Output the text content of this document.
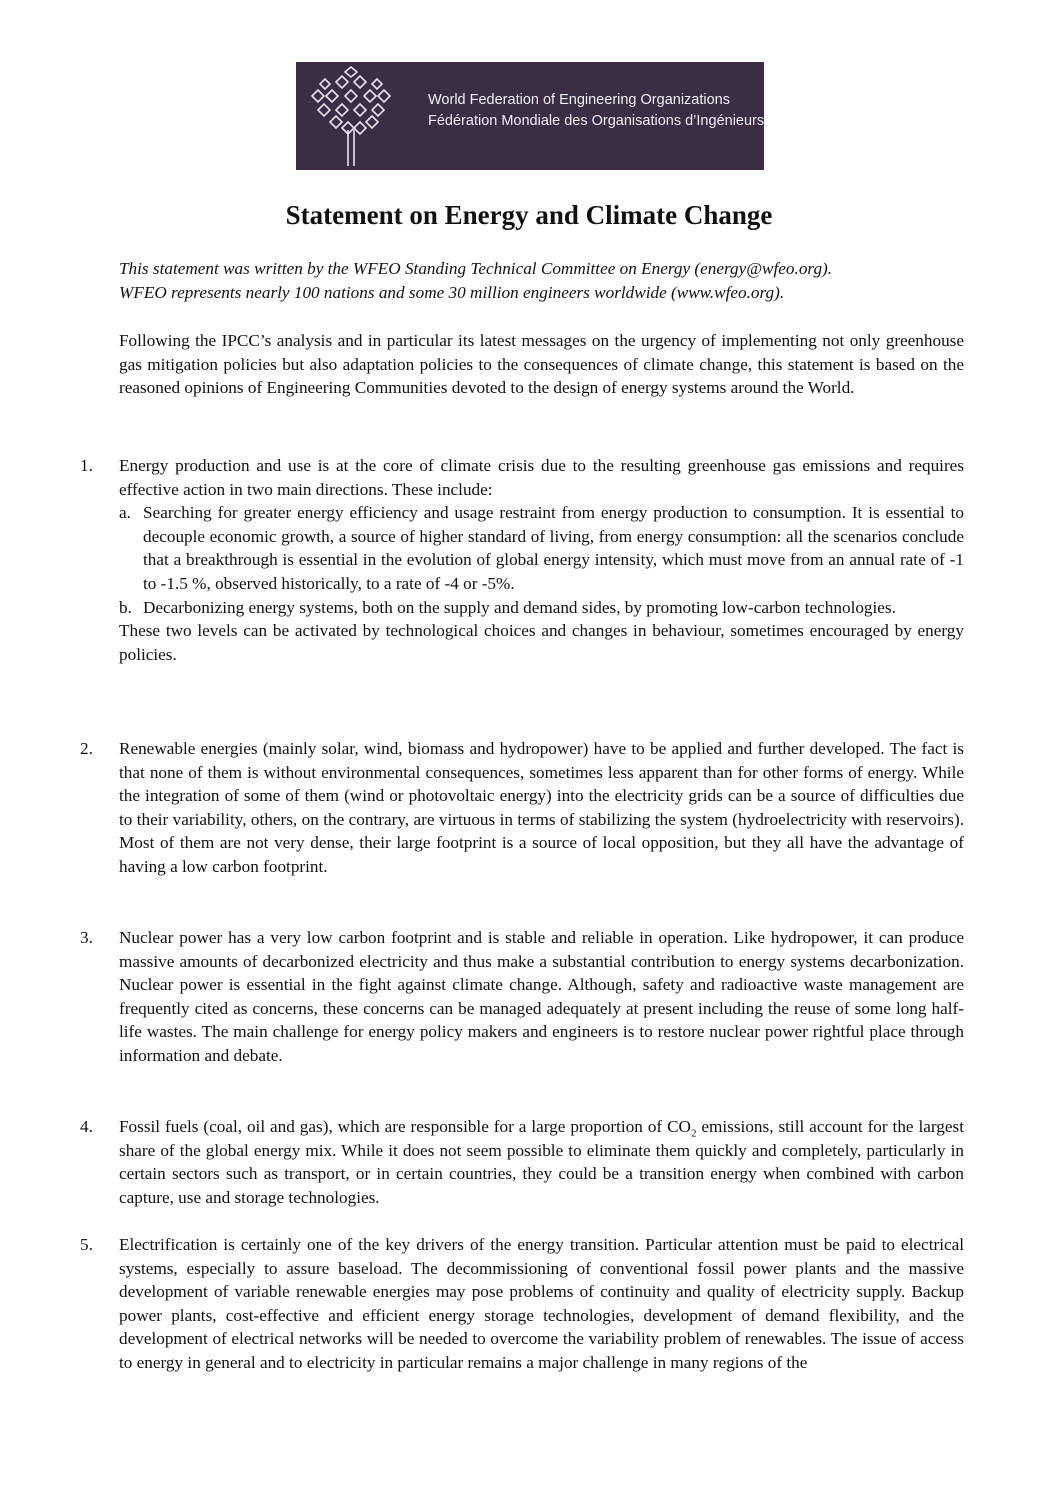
World Federation of Engineering Organizations
Fédération Mondiale des Organisations d’Ingénieurs
Statement on Energy and Climate Change

This statement was written by the WFEO Standing Technical Committee on Energy (energy@wfeo.org).
WFEO represents nearly 100 nations and some 30 million engineers worldwide (www.wfeo.org).

Following the IPCC’s analysis and in particular its latest messages on the urgency of implementing not only greenhouse gas mitigation policies but also adaptation policies to the consequences of climate change, this statement is based on the reasoned opinions of Engineering Communities devoted to the design of energy systems around the World.

1.	Energy production and use is at the core of climate crisis due to the resulting greenhouse gas emissions and requires effective action in two main directions. These include:
a. Searching for greater energy efficiency and usage restraint from energy production to consumption. It is essential to decouple economic growth, a source of higher standard of living, from energy consumption: all the scenarios conclude that a breakthrough is essential in the evolution of global energy intensity, which must move from an annual rate of -1 to -1.5 %, observed historically, to a rate of -4 or -5%.
b. Decarbonizing energy systems, both on the supply and demand sides, by promoting low-carbon technologies.
These two levels can be activated by technological choices and changes in behaviour, sometimes encouraged by energy policies.
2.	Renewable energies (mainly solar, wind, biomass and hydropower) have to be applied and further developed. The fact is that none of them is without environmental consequences, sometimes less apparent than for other forms of energy. While the integration of some of them (wind or photovoltaic energy) into the electricity grids can be a source of difficulties due to their variability, others, on the contrary, are virtuous in terms of stabilizing the system (hydroelectricity with reservoirs). Most of them are not very dense, their large footprint is a source of local opposition, but they all have the advantage of having a low carbon footprint.
3.	Nuclear power has a very low carbon footprint and is stable and reliable in operation. Like hydropower, it can produce massive amounts of decarbonized electricity and thus make a substantial contribution to energy systems decarbonization. Nuclear power is essential in the fight against climate change. Although, safety and radioactive waste management are frequently cited as concerns, these concerns can be managed adequately at present including the reuse of some long half-life wastes. The main challenge for energy policy makers and engineers is to restore nuclear power rightful place through information and debate.
4.	Fossil fuels (coal, oil and gas), which are responsible for a large proportion of $CO_2$ emissions, still account for the largest share of the global energy mix. While it does not seem possible to eliminate them quickly and completely, particularly in certain sectors such as transport, or in certain countries, they could be a transition energy when combined with carbon capture, use and storage technologies.
5.	Electrification is certainly one of the key drivers of the energy transition. Particular attention must be paid to electrical systems, especially to assure baseload. The decommissioning of conventional fossil power plants and the massive development of variable renewable energies may pose problems of continuity and quality of electricity supply. Backup power plants, cost-effective and efficient energy storage technologies, development of demand flexibility, and the development of electrical networks will be needed to overcome the variability problem of renewables. The issue of access to energy in general and to electricity in particular remains a major challenge in many regions of the
